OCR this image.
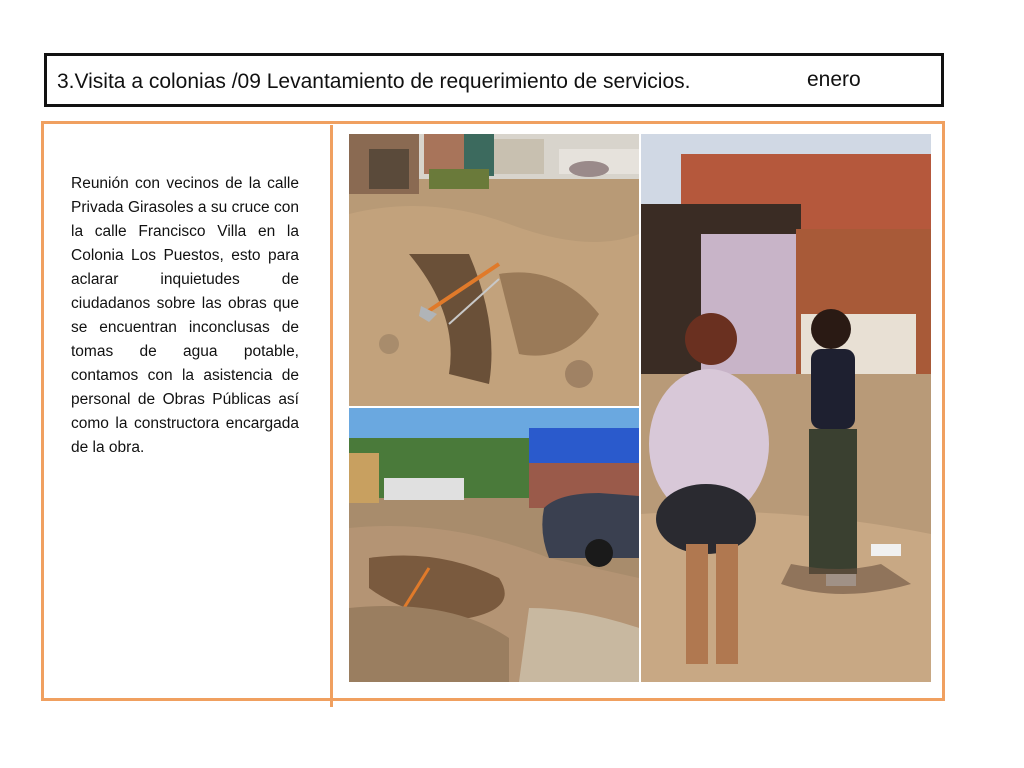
3.Visita a colonias /09 Levantamiento de requerimiento de servicios.	enero
Reunión con vecinos de la calle Privada Girasoles a su cruce con la calle Francisco Villa en la Colonia Los Puestos, esto para aclarar inquietudes de ciudadanos sobre las obras que se encuentran inconclusas de tomas de agua potable, contamos con la asistencia de personal de Obras Públicas así como la constructora encargada de la obra.
